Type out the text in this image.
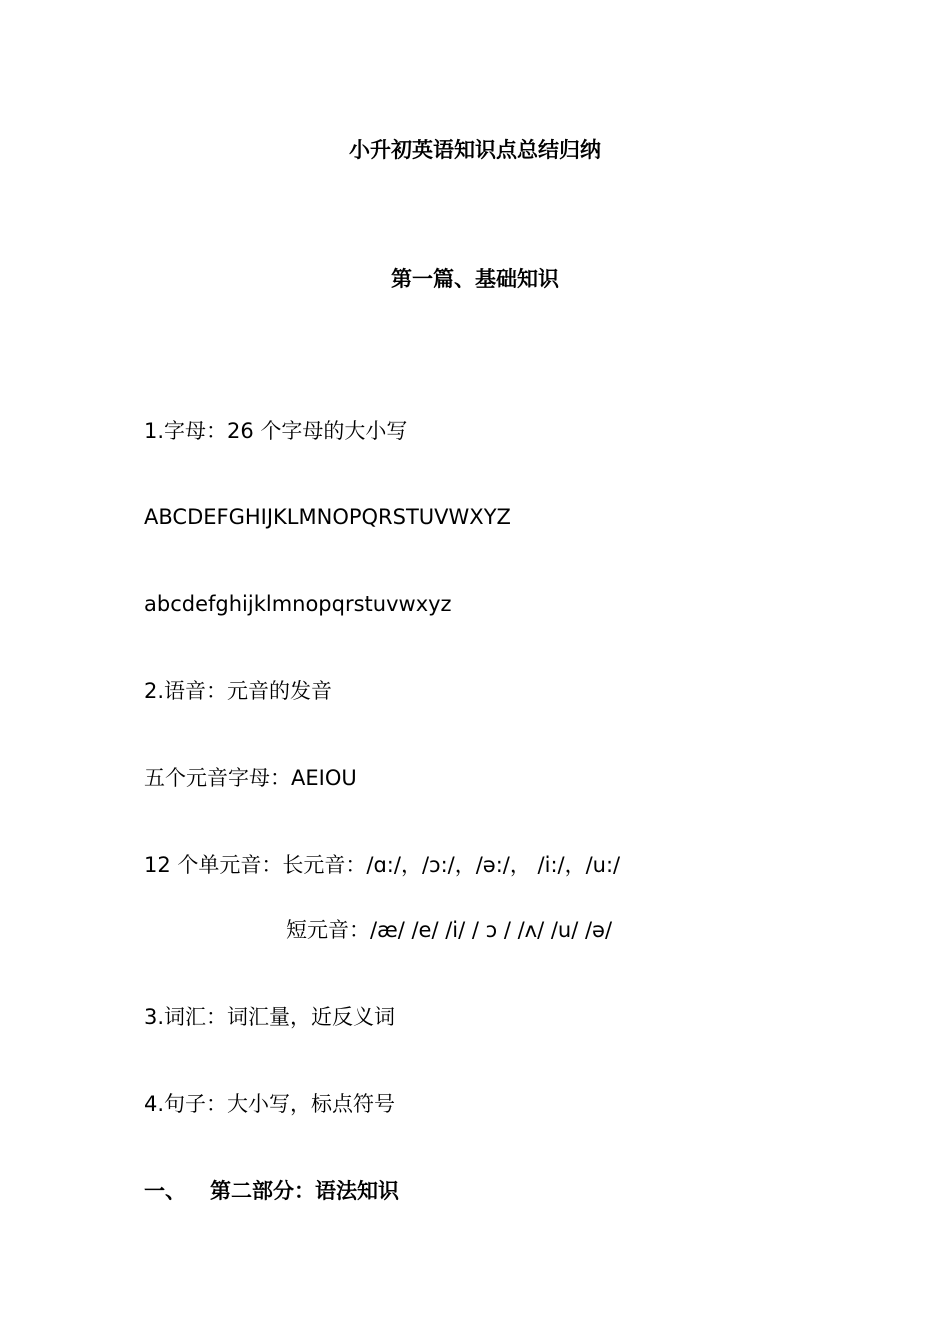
小升初英语知识点总结归纳
第一篇、基础知识
1.字母：26 个字母的大小写
ABCDEFGHIJKLMNOPQRSTUVWXYZ
abcdefghijklmnopqrstuvwxyz
2.语音：元音的发音
五个元音字母：AEIOU
12 个单元音：长元音：/ɑ:/，/ɔ:/，/ə:/， /i:/，/u:/
短元音：/æ/ /e/ /i/ / ɔ / /ʌ/ /u/ /ə/
3.词汇：词汇量，近反义词
4.句子：大小写，标点符号
一、 第二部分：语法知识
